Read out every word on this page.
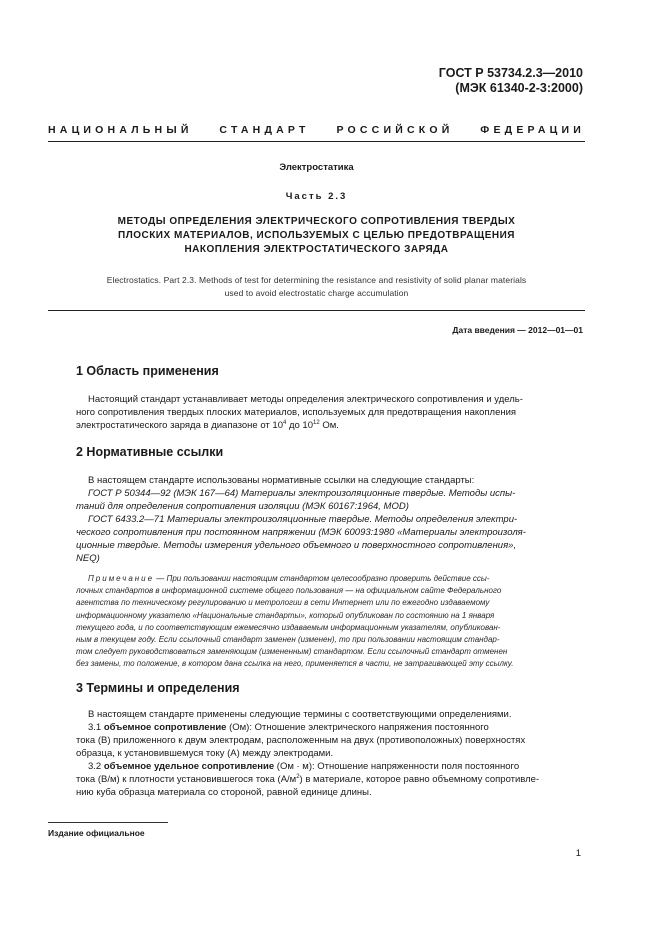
ГОСТ Р 53734.2.3—2010
(МЭК 61340-2-3:2000)
НАЦИОНАЛЬНЫЙ	СТАНДАРТ	РОССИЙСКОЙ	ФЕДЕРАЦИИ
Электростатика
Часть 2.3
МЕТОДЫ ОПРЕДЕЛЕНИЯ ЭЛЕКТРИЧЕСКОГО СОПРОТИВЛЕНИЯ ТВЕРДЫХ
ПЛОСКИХ МАТЕРИАЛОВ, ИСПОЛЬЗУЕМЫХ С ЦЕЛЬЮ ПРЕДОТВРАЩЕНИЯ
НАКОПЛЕНИЯ ЭЛЕКТРОСТАТИЧЕСКОГО ЗАРЯДА
Electrostatics. Part 2.3. Methods of test for determining the resistance and resistivity of solid planar materials
used to avoid electrostatic charge accumulation
Дата введения — 2012—01—01
1 Область применения
Настоящий стандарт устанавливает методы определения электрического сопротивления и удель-
ного сопротивления твердых плоских материалов, используемых для предотвращения накопления
электростатического заряда в диапазоне от $10^4$ до $10^{12}$ Ом.
2 Нормативные ссылки
В настоящем стандарте использованы нормативные ссылки на следующие стандарты:
ГОСТ Р 50344—92 (МЭК 167—64) Материалы электроизоляционные твердые. Методы испы-
таний для определения сопротивления изоляции (МЭК 60167:1964, MOD)
ГОСТ 6433.2—71 Материалы электроизоляционные твердые. Методы определения электри-
ческого сопротивления при постоянном напряжении (МЭК 60093:1980 «Материалы электроизоля-
ционные твердые. Методы измерения удельного объемного и поверхностного сопротивления»,
NEQ)
Примечание — При пользовании настоящим стандартом целесообразно проверить действие ссы-
лочных стандартов в информационной системе общего пользования — на официальном сайте Федерального
агентства по техническому регулированию и метрологии в сети Интернет или по ежегодно издаваемому
информационному указателю «Национальные стандарты», который опубликован по состоянию на 1 января
текущего года, и по соответствующим ежемесячно издаваемым информационным указателям, опубликован-
ным в текущем году. Если ссылочный стандарт заменен (изменен), то при пользовании настоящим стандар-
том следует руководствоваться заменяющим (измененным) стандартом. Если ссылочный стандарт отменен
без замены, то положение, в котором дана ссылка на него, применяется в части, не затрагивающей эту ссылку.
3 Термины и определения
В настоящем стандарте применены следующие термины с соответствующими определениями.
3.1 объемное сопротивление (Ом): Отношение электрического напряжения постоянного
тока (В) приложенного к двум электродам, расположенным на двух (противоположных) поверхностях
образца, к установившемуся току (А) между электродами.
3.2 объемное удельное сопротивление (Ом · м): Отношение напряженности поля постоянного
тока (В/м) к плотности установившегося тока $(А/м^2)$ в материале, которое равно объемному сопротивле-
нию куба образца материала со стороной, равной единице длины.
Издание официальное
1
